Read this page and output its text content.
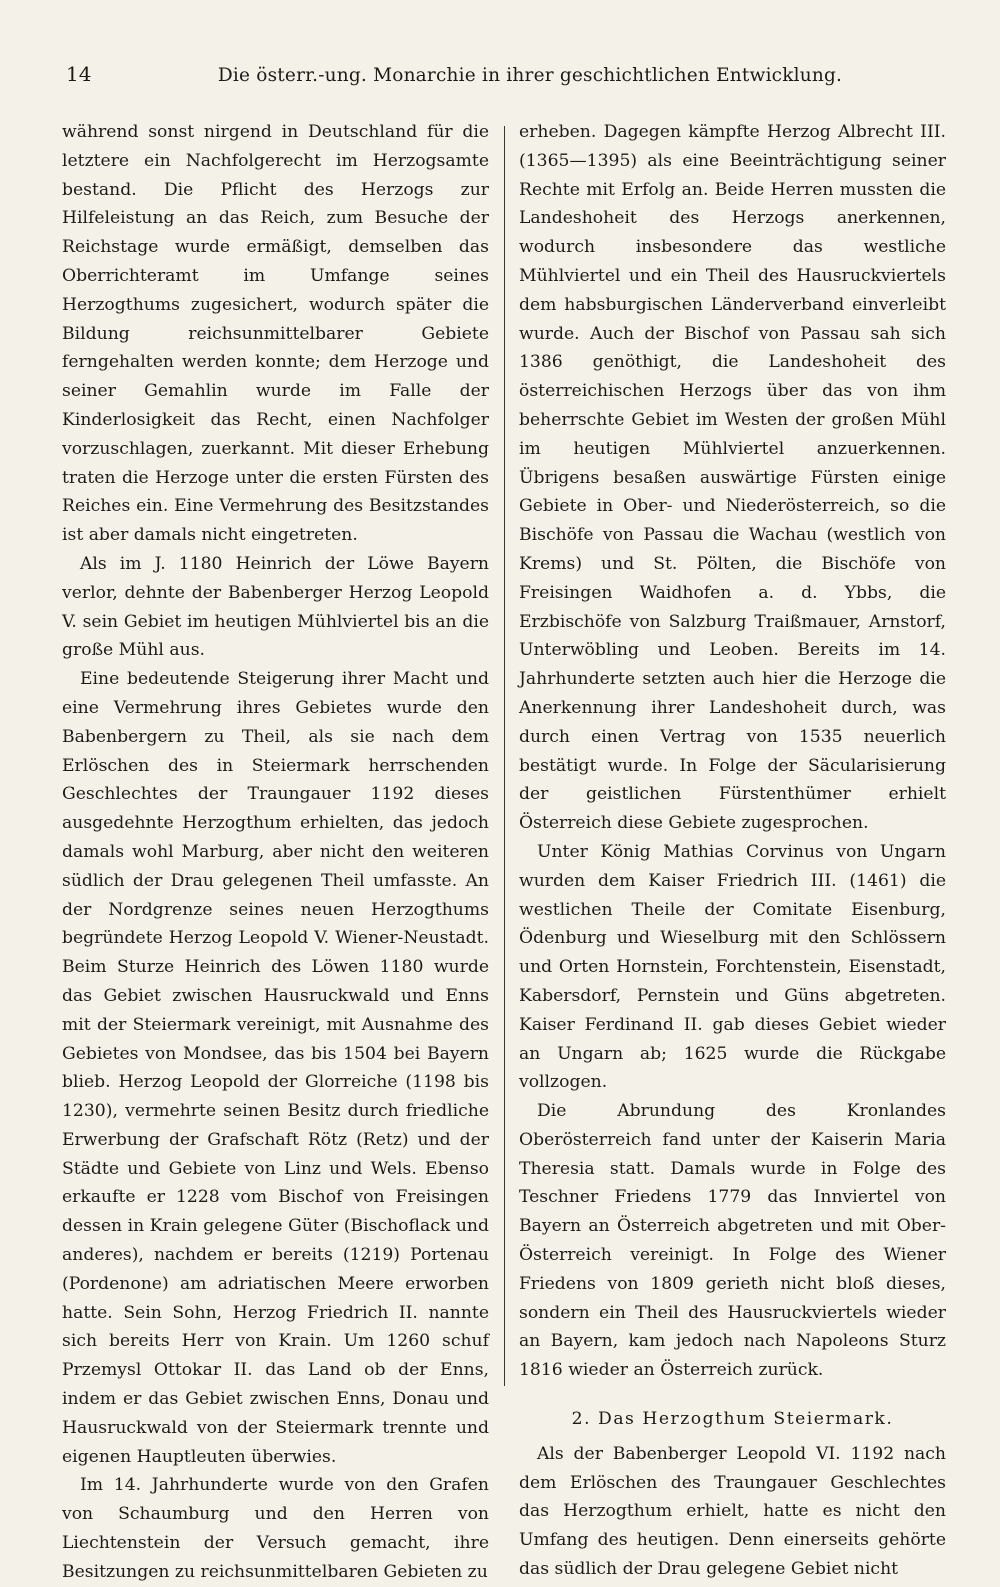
14	Die österr.-ung. Monarchie in ihrer geschichtlichen Entwicklung.

während sonst nirgend in Deutschland für die letztere ein Nachfolgerecht im Herzogsamte bestand. Die Pflicht des Herzogs zur Hilfeleistung an das Reich, zum Besuche der Reichstage wurde ermäßigt, demselben das Oberrichteramt im Umfange seines Herzogthums zugesichert, wodurch später die Bildung reichsunmittelbarer Gebiete ferngehalten werden konnte; dem Herzoge und seiner Gemahlin wurde im Falle der Kinderlosigkeit das Recht, einen Nachfolger vorzuschlagen, zuerkannt. Mit dieser Erhebung traten die Herzoge unter die ersten Fürsten des Reiches ein. Eine Vermehrung des Besitzstandes ist aber damals nicht eingetreten.

Als im J. 1180 Heinrich der Löwe Bayern verlor, dehnte der Babenberger Herzog Leopold V. sein Gebiet im heutigen Mühlviertel bis an die große Mühl aus.

Eine bedeutende Steigerung ihrer Macht und eine Vermehrung ihres Gebietes wurde den Babenbergern zu Theil, als sie nach dem Erlöschen des in Steiermark herrschenden Geschlechtes der Traungauer 1192 dieses ausgedehnte Herzogthum erhielten, das jedoch damals wohl Marburg, aber nicht den weiteren südlich der Drau gelegenen Theil umfasste. An der Nordgrenze seines neuen Herzogthums begründete Herzog Leopold V. Wiener-Neustadt. Beim Sturze Heinrich des Löwen 1180 wurde das Gebiet zwischen Hausruckwald und Enns mit der Steiermark vereinigt, mit Ausnahme des Gebietes von Mondsee, das bis 1504 bei Bayern blieb. Herzog Leopold der Glorreiche (1198 bis 1230), vermehrte seinen Besitz durch friedliche Erwerbung der Grafschaft Rötz (Retz) und der Städte und Gebiete von Linz und Wels. Ebenso erkaufte er 1228 vom Bischof von Freisingen dessen in Krain gelegene Güter (Bischoflack und anderes), nachdem er bereits (1219) Portenau (Pordenone) am adriatischen Meere erworben hatte. Sein Sohn, Herzog Friedrich II. nannte sich bereits Herr von Krain. Um 1260 schuf Przemysl Ottokar II. das Land ob der Enns, indem er das Gebiet zwischen Enns, Donau und Hausruckwald von der Steiermark trennte und eigenen Hauptleuten überwies.

Im 14. Jahrhunderte wurde von den Grafen von Schaumburg und den Herren von Liechtenstein der Versuch gemacht, ihre Besitzungen zu reichsunmittelbaren Gebieten zu

erheben. Dagegen kämpfte Herzog Albrecht III. (1365—1395) als eine Beeinträchtigung seiner Rechte mit Erfolg an. Beide Herren mussten die Landeshoheit des Herzogs anerkennen, wodurch insbesondere das westliche Mühlviertel und ein Theil des Hausruckviertels dem habsburgischen Länderverband einverleibt wurde. Auch der Bischof von Passau sah sich 1386 genöthigt, die Landeshoheit des österreichischen Herzogs über das von ihm beherrschte Gebiet im Westen der großen Mühl im heutigen Mühlviertel anzuerkennen. Übrigens besaßen auswärtige Fürsten einige Gebiete in Ober- und Niederösterreich, so die Bischöfe von Passau die Wachau (westlich von Krems) und St. Pölten, die Bischöfe von Freisingen Waidhofen a. d. Ybbs, die Erzbischöfe von Salzburg Traißmauer, Arnstorf, Unterwöbling und Leoben. Bereits im 14. Jahrhunderte setzten auch hier die Herzoge die Anerkennung ihrer Landeshoheit durch, was durch einen Vertrag von 1535 neuerlich bestätigt wurde. In Folge der Säcularisierung der geistlichen Fürstenthümer erhielt Österreich diese Gebiete zugesprochen.

Unter König Mathias Corvinus von Ungarn wurden dem Kaiser Friedrich III. (1461) die westlichen Theile der Comitate Eisenburg, Ödenburg und Wieselburg mit den Schlössern und Orten Hornstein, Forchtenstein, Eisenstadt, Kabersdorf, Pernstein und Güns abgetreten. Kaiser Ferdinand II. gab dieses Gebiet wieder an Ungarn ab; 1625 wurde die Rückgabe vollzogen.

Die Abrundung des Kronlandes Oberösterreich fand unter der Kaiserin Maria Theresia statt. Damals wurde in Folge des Teschner Friedens 1779 das Innviertel von Bayern an Österreich abgetreten und mit Ober-Österreich vereinigt. In Folge des Wiener Friedens von 1809 gerieth nicht bloß dieses, sondern ein Theil des Hausruckviertels wieder an Bayern, kam jedoch nach Napoleons Sturz 1816 wieder an Österreich zurück.

2. Das Herzogthum Steiermark.

Als der Babenberger Leopold VI. 1192 nach dem Erlöschen des Traungauer Geschlechtes das Herzogthum erhielt, hatte es nicht den Umfang des heutigen. Denn einerseits gehörte das südlich der Drau gelegene Gebiet nicht
